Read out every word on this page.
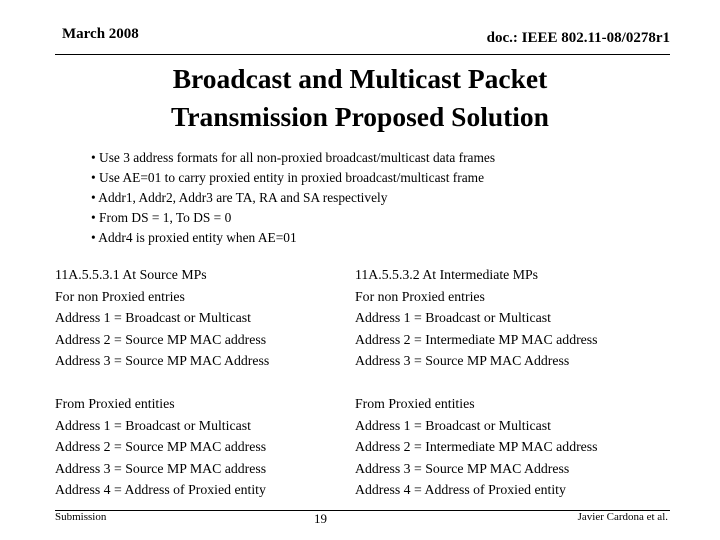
March 2008	doc.: IEEE 802.11-08/0278r1
Broadcast and Multicast Packet
Transmission Proposed Solution
• Use 3 address formats for all non-proxied broadcast/multicast data frames
• Use AE=01 to carry proxied entity in proxied broadcast/multicast frame
• Addr1, Addr2, Addr3 are TA, RA and SA respectively
• From DS = 1, To DS = 0
• Addr4 is proxied entity when AE=01
11A.5.5.3.1 At Source MPs
For non Proxied entries
Address 1 = Broadcast or Multicast
Address 2 = Source MP MAC address
Address 3 = Source MP MAC Address
From Proxied entities
Address 1 = Broadcast or Multicast
Address 2 = Source MP MAC address
Address 3 = Source MP MAC address
Address 4 = Address of Proxied entity
11A.5.5.3.2 At Intermediate MPs
For non Proxied entries
Address 1 = Broadcast or Multicast
Address 2 = Intermediate MP MAC address
Address 3 = Source MP MAC Address
From Proxied entities
Address 1 = Broadcast or Multicast
Address 2 = Intermediate MP MAC address
Address 3 = Source MP MAC Address
Address 4 = Address of Proxied entity
Submission	19	Javier Cardona et al.
